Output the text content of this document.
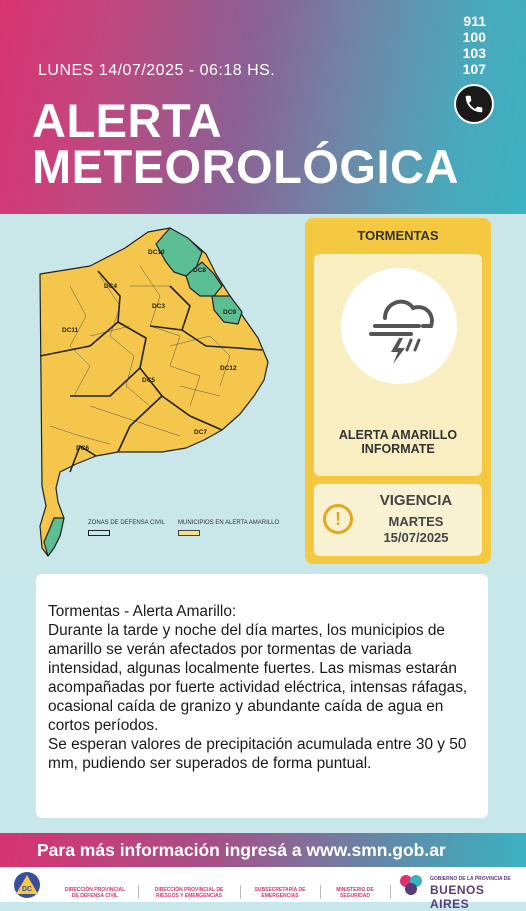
LUNES 14/07/2025 - 06:18 HS.
ALERTA
METEOROLÓGICA
911
100
103
107
DC10
DC8
DC4
DC3
DC9
DC11
DC12
DC5
DC7
DC6
ZONAS DE DEFENSA CIVIL MUNICIPIOS EN ALERTA AMARILLO
TORMENTAS
ALERTA AMARILLO
INFORMATE
!
VIGENCIA
MARTES
15/07/2025
Tormentas - Alerta Amarillo:
Durante la tarde y noche del día martes, los municipios de amarillo se verán afectados por tormentas de variada intensidad, algunas localmente fuertes. Las mismas estarán acompañadas por fuerte actividad eléctrica, intensas ráfagas, ocasional caída de granizo y abundante caída de agua en cortos períodos.
Se esperan valores de precipitación acumulada entre 30 y 50 mm, pudiendo ser superados de forma puntual.
Para más información ingresá a www.smn.gob.ar
DC	DIRECCIÓN PROVINCIAL
DE DEFENSA CIVIL
DIRECCIÓN PROVINCIAL DE
RIESGOS Y EMERGENCIAS
SUBSECRETARÍA DE
EMERGENCIAS
MINISTERIO DE
SEGURIDAD
GOBIERNO DE LA PROVINCIA DE
BUENOS AIRES
